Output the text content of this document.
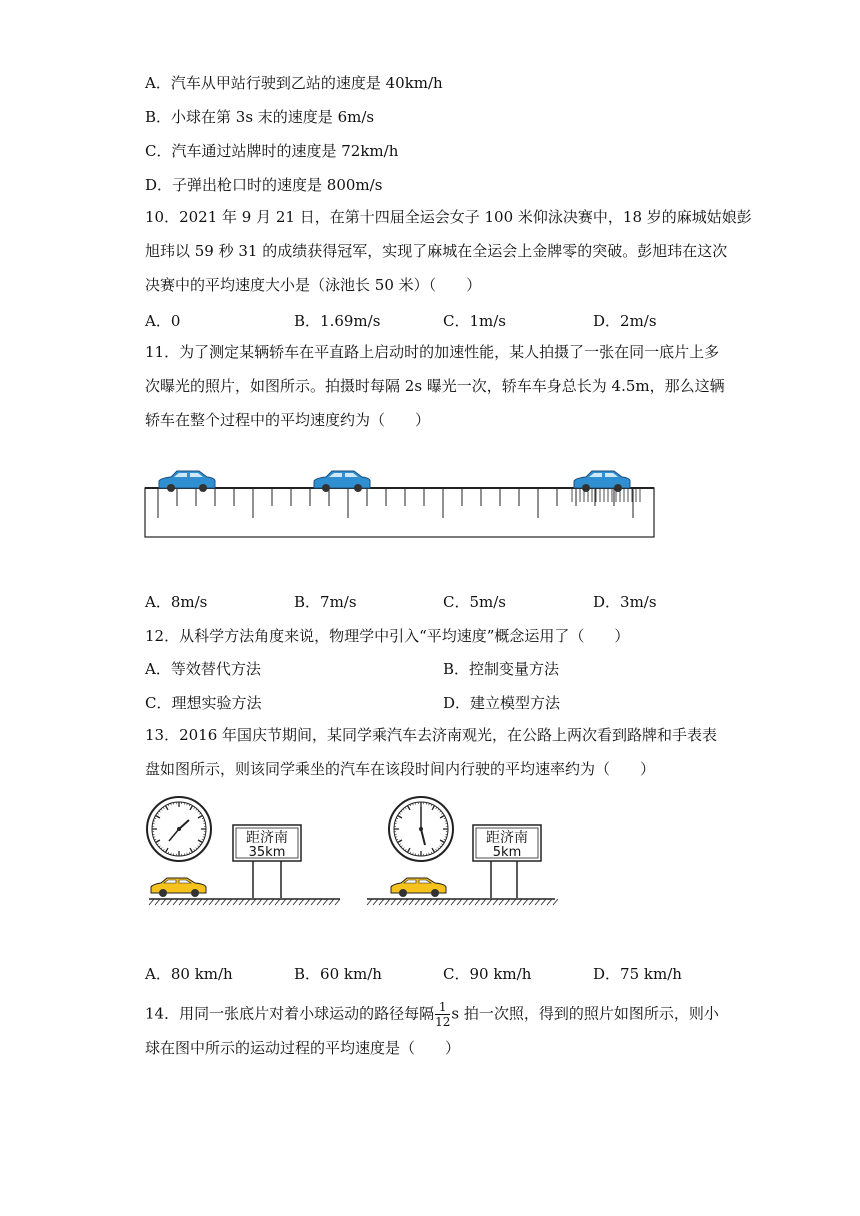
A．汽车从甲站行驶到乙站的速度是 40km/h
B．小球在第 3s 末的速度是 6m/s
C．汽车通过站牌时的速度是 72km/h
D．子弹出枪口时的速度是 800m/s
10．2021 年 9 月 21 日，在第十四届全运会女子 100 米仰泳决赛中，18 岁的麻城姑娘彭
旭玮以 59 秒 31 的成绩获得冠军，实现了麻城在全运会上金牌零的突破。彭旭玮在这次
决赛中的平均速度大小是（泳池长 50 米）（　　）
A．0	B．1.69m/s	C．1m/s	D．2m/s
11．为了测定某辆轿车在平直路上启动时的加速性能，某人拍摄了一张在同一底片上多
次曝光的照片，如图所示。拍摄时每隔 2s 曝光一次，轿车车身总长为 4.5m，那么这辆
轿车在整个过程中的平均速度约为（　　）
A．8m/s	B．7m/s	C．5m/s	D．3m/s
12．从科学方法角度来说，物理学中引入“平均速度”概念运用了（　　）
A．等效替代方法	B．控制变量方法
C．理想实验方法	D．建立模型方法
13．2016 年国庆节期间，某同学乘汽车去济南观光，在公路上两次看到路牌和手表表
盘如图所示，则该同学乘坐的汽车在该段时间内行驶的平均速率约为（　　）
距济南
35km
距济南
5km
A．80 km/h	B．60 km/h	C．90 km/h	D．75 km/h
14．用同一张底片对着小球运动的路径每隔 $\frac{1}{12}$ s 拍一次照，得到的照片如图所示，则小
球在图中所示的运动过程的平均速度是（　　）
